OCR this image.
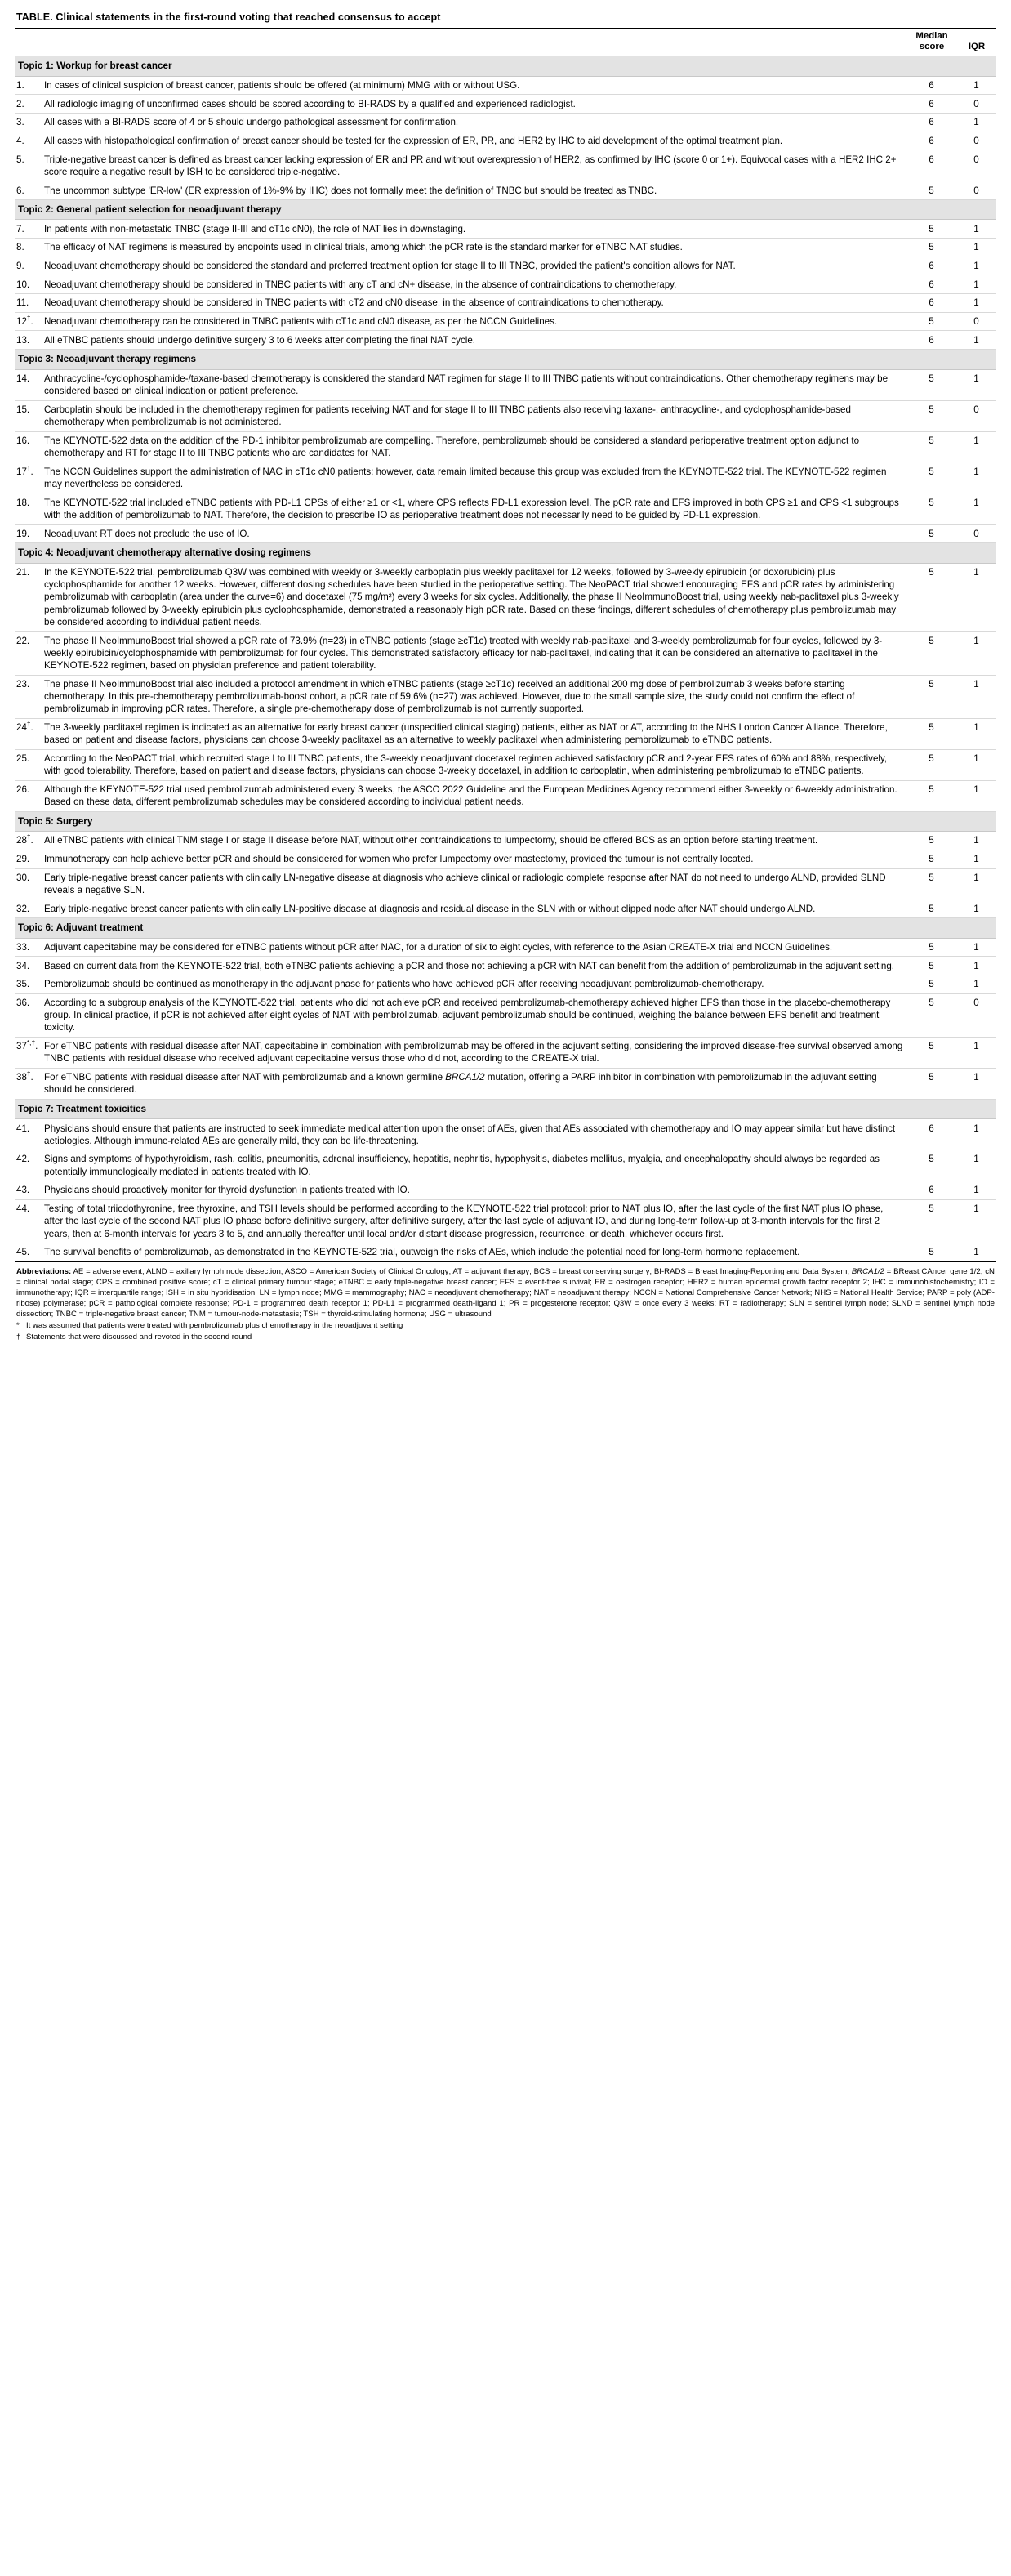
TABLE. Clinical statements in the first-round voting that reached consensus to accept
		Median score	IQR
Topic 1: Workup for breast cancer			
1.	In cases of clinical suspicion of breast cancer, patients should be offered (at minimum) MMG with or without USG.	6	1
2.	All radiologic imaging of unconfirmed cases should be scored according to BI-RADS by a qualified and experienced radiologist.	6	0
3.	All cases with a BI-RADS score of 4 or 5 should undergo pathological assessment for confirmation.	6	1
4.	All cases with histopathological confirmation of breast cancer should be tested for the expression of ER, PR, and HER2 by IHC to aid development of the optimal treatment plan.	6	0
5.	Triple-negative breast cancer is defined as breast cancer lacking expression of ER and PR and without overexpression of HER2, as confirmed by IHC (score 0 or 1+). Equivocal cases with a HER2 IHC 2+ score require a negative result by ISH to be considered triple-negative.	6	0
6.	The uncommon subtype 'ER-low' (ER expression of 1%-9% by IHC) does not formally meet the definition of TNBC but should be treated as TNBC.	5	0
Topic 2: General patient selection for neoadjuvant therapy			
7.	In patients with non-metastatic TNBC (stage II-III and cT1c cN0), the role of NAT lies in downstaging.	5	1
8.	The efficacy of NAT regimens is measured by endpoints used in clinical trials, among which the pCR rate is the standard marker for eTNBC NAT studies.	5	1
9.	Neoadjuvant chemotherapy should be considered the standard and preferred treatment option for stage II to III TNBC, provided the patient's condition allows for NAT.	6	1
10.	Neoadjuvant chemotherapy should be considered in TNBC patients with any cT and cN+ disease, in the absence of contraindications to chemotherapy.	6	1
11.	Neoadjuvant chemotherapy should be considered in TNBC patients with cT2 and cN0 disease, in the absence of contraindications to chemotherapy.	6	1
12†.	Neoadjuvant chemotherapy can be considered in TNBC patients with cT1c and cN0 disease, as per the NCCN Guidelines.	5	0
13.	All eTNBC patients should undergo definitive surgery 3 to 6 weeks after completing the final NAT cycle.	6	1
Topic 3: Neoadjuvant therapy regimens			
14.	Anthracycline-/cyclophosphamide-/taxane-based chemotherapy is considered the standard NAT regimen for stage II to III TNBC patients without contraindications. Other chemotherapy regimens may be considered based on clinical indication or patient preference.	5	1
15.	Carboplatin should be included in the chemotherapy regimen for patients receiving NAT and for stage II to III TNBC patients also receiving taxane-, anthracycline-, and cyclophosphamide-based chemotherapy when pembrolizumab is not administered.	5	0
16.	The KEYNOTE-522 data on the addition of the PD-1 inhibitor pembrolizumab are compelling. Therefore, pembrolizumab should be considered a standard perioperative treatment option adjunct to chemotherapy and RT for stage II to III TNBC patients who are candidates for NAT.	5	1
17†.	The NCCN Guidelines support the administration of NAC in cT1c cN0 patients; however, data remain limited because this group was excluded from the KEYNOTE-522 trial. The KEYNOTE-522 regimen may nevertheless be considered.	5	1
18.	The KEYNOTE-522 trial included eTNBC patients with PD-L1 CPSs of either ≥1 or <1, where CPS reflects PD-L1 expression level. The pCR rate and EFS improved in both CPS ≥1 and CPS <1 subgroups with the addition of pembrolizumab to NAT. Therefore, the decision to prescribe IO as perioperative treatment does not necessarily need to be guided by PD-L1 expression.	5	1
19.	Neoadjuvant RT does not preclude the use of IO.	5	0
Topic 4: Neoadjuvant chemotherapy alternative dosing regimens			
21.	In the KEYNOTE-522 trial, pembrolizumab Q3W was combined with weekly or 3-weekly carboplatin plus weekly paclitaxel for 12 weeks, followed by 3-weekly epirubicin (or doxorubicin) plus cyclophosphamide for another 12 weeks. However, different dosing schedules have been studied in the perioperative setting. The NeoPACT trial showed encouraging EFS and pCR rates by administering pembrolizumab with carboplatin (area under the curve=6) and docetaxel (75 mg/m²) every 3 weeks for six cycles. Additionally, the phase II NeoImmunoBoost trial, using weekly nab-paclitaxel plus 3-weekly pembrolizumab followed by 3-weekly epirubicin plus cyclophosphamide, demonstrated a reasonably high pCR rate. Based on these findings, different schedules of chemotherapy plus pembrolizumab may be considered according to individual patient needs.	5	1
22.	The phase II NeoImmunoBoost trial showed a pCR rate of 73.9% (n=23) in eTNBC patients (stage ≥cT1c) treated with weekly nab-paclitaxel and 3-weekly pembrolizumab for four cycles, followed by 3-weekly epirubicin/cyclophosphamide with pembrolizumab for four cycles. This demonstrated satisfactory efficacy for nab-paclitaxel, indicating that it can be considered an alternative to paclitaxel in the KEYNOTE-522 regimen, based on physician preference and patient tolerability.	5	1
23.	The phase II NeoImmunoBoost trial also included a protocol amendment in which eTNBC patients (stage ≥cT1c) received an additional 200 mg dose of pembrolizumab 3 weeks before starting chemotherapy. In this pre-chemotherapy pembrolizumab-boost cohort, a pCR rate of 59.6% (n=27) was achieved. However, due to the small sample size, the study could not confirm the effect of pembrolizumab in improving pCR rates. Therefore, a single pre-chemotherapy dose of pembrolizumab is not currently supported.	5	1
24†.	The 3-weekly paclitaxel regimen is indicated as an alternative for early breast cancer (unspecified clinical staging) patients, either as NAT or AT, according to the NHS London Cancer Alliance. Therefore, based on patient and disease factors, physicians can choose 3-weekly paclitaxel as an alternative to weekly paclitaxel when administering pembrolizumab to eTNBC patients.	5	1
25.	According to the NeoPACT trial, which recruited stage I to III TNBC patients, the 3-weekly neoadjuvant docetaxel regimen achieved satisfactory pCR and 2-year EFS rates of 60% and 88%, respectively, with good tolerability. Therefore, based on patient and disease factors, physicians can choose 3-weekly docetaxel, in addition to carboplatin, when administering pembrolizumab to eTNBC patients.	5	1
26.	Although the KEYNOTE-522 trial used pembrolizumab administered every 3 weeks, the ASCO 2022 Guideline and the European Medicines Agency recommend either 3-weekly or 6-weekly administration. Based on these data, different pembrolizumab schedules may be considered according to individual patient needs.	5	1
Topic 5: Surgery			
28†.	All eTNBC patients with clinical TNM stage I or stage II disease before NAT, without other contraindications to lumpectomy, should be offered BCS as an option before starting treatment.	5	1
29.	Immunotherapy can help achieve better pCR and should be considered for women who prefer lumpectomy over mastectomy, provided the tumour is not centrally located.	5	1
30.	Early triple-negative breast cancer patients with clinically LN-negative disease at diagnosis who achieve clinical or radiologic complete response after NAT do not need to undergo ALND, provided SLND reveals a negative SLN.	5	1
32.	Early triple-negative breast cancer patients with clinically LN-positive disease at diagnosis and residual disease in the SLN with or without clipped node after NAT should undergo ALND.	5	1
Topic 6: Adjuvant treatment			
33.	Adjuvant capecitabine may be considered for eTNBC patients without pCR after NAC, for a duration of six to eight cycles, with reference to the Asian CREATE-X trial and NCCN Guidelines.	5	1
34.	Based on current data from the KEYNOTE-522 trial, both eTNBC patients achieving a pCR and those not achieving a pCR with NAT can benefit from the addition of pembrolizumab in the adjuvant setting.	5	1
35.	Pembrolizumab should be continued as monotherapy in the adjuvant phase for patients who have achieved pCR after receiving neoadjuvant pembrolizumab-chemotherapy.	5	1
36.	According to a subgroup analysis of the KEYNOTE-522 trial, patients who did not achieve pCR and received pembrolizumab-chemotherapy achieved higher EFS than those in the placebo-chemotherapy group. In clinical practice, if pCR is not achieved after eight cycles of NAT with pembrolizumab, adjuvant pembrolizumab should be continued, weighing the balance between EFS benefit and treatment toxicity.	5	0
37*,†.	For eTNBC patients with residual disease after NAT, capecitabine in combination with pembrolizumab may be offered in the adjuvant setting, considering the improved disease-free survival observed among TNBC patients with residual disease who received adjuvant capecitabine versus those who did not, according to the CREATE-X trial.	5	1
38†.	For eTNBC patients with residual disease after NAT with pembrolizumab and a known germline BRCA1/2 mutation, offering a PARP inhibitor in combination with pembrolizumab in the adjuvant setting should be considered.	5	1
Topic 7: Treatment toxicities			
41.	Physicians should ensure that patients are instructed to seek immediate medical attention upon the onset of AEs, given that AEs associated with chemotherapy and IO may appear similar but have distinct aetiologies. Although immune-related AEs are generally mild, they can be life-threatening.	6	1
42.	Signs and symptoms of hypothyroidism, rash, colitis, pneumonitis, adrenal insufficiency, hepatitis, nephritis, hypophysitis, diabetes mellitus, myalgia, and encephalopathy should always be regarded as potentially immunologically mediated in patients treated with IO.	5	1
43.	Physicians should proactively monitor for thyroid dysfunction in patients treated with IO.	6	1
44.	Testing of total triiodothyronine, free thyroxine, and TSH levels should be performed according to the KEYNOTE-522 trial protocol: prior to NAT plus IO, after the last cycle of the first NAT plus IO phase, after the last cycle of the second NAT plus IO phase before definitive surgery, after definitive surgery, after the last cycle of adjuvant IO, and during long-term follow-up at 3-month intervals for the first 2 years, then at 6-month intervals for years 3 to 5, and annually thereafter until local and/or distant disease progression, recurrence, or death, whichever occurs first.	5	1
45.	The survival benefits of pembrolizumab, as demonstrated in the KEYNOTE-522 trial, outweigh the risks of AEs, which include the potential need for long-term hormone replacement.	5	1
Abbreviations: AE = adverse event; ALND = axillary lymph node dissection; ASCO = American Society of Clinical Oncology; AT = adjuvant therapy; BCS = breast conserving surgery; BI-RADS = Breast Imaging-Reporting and Data System; BRCA1/2 = BReast CAncer gene 1/2; cN = clinical nodal stage; CPS = combined positive score; cT = clinical primary tumour stage; eTNBC = early triple-negative breast cancer; EFS = event-free survival; ER = oestrogen receptor; HER2 = human epidermal growth factor receptor 2; IHC = immunohistochemistry; IO = immunotherapy; IQR = interquartile range; ISH = in situ hybridisation; LN = lymph node; MMG = mammography; NAC = neoadjuvant chemotherapy; NAT = neoadjuvant therapy; NCCN = National Comprehensive Cancer Network; NHS = National Health Service; PARP = poly (ADP-ribose) polymerase; pCR = pathological complete response; PD-1 = programmed death receptor 1; PD-L1 = programmed death-ligand 1; PR = progesterone receptor; Q3W = once every 3 weeks; RT = radiotherapy; SLN = sentinel lymph node; SLND = sentinel lymph node dissection; TNBC = triple-negative breast cancer; TNM = tumour-node-metastasis; TSH = thyroid-stimulating hormone; USG = ultrasound
* It was assumed that patients were treated with pembrolizumab plus chemotherapy in the neoadjuvant setting
† Statements that were discussed and revoted in the second round
